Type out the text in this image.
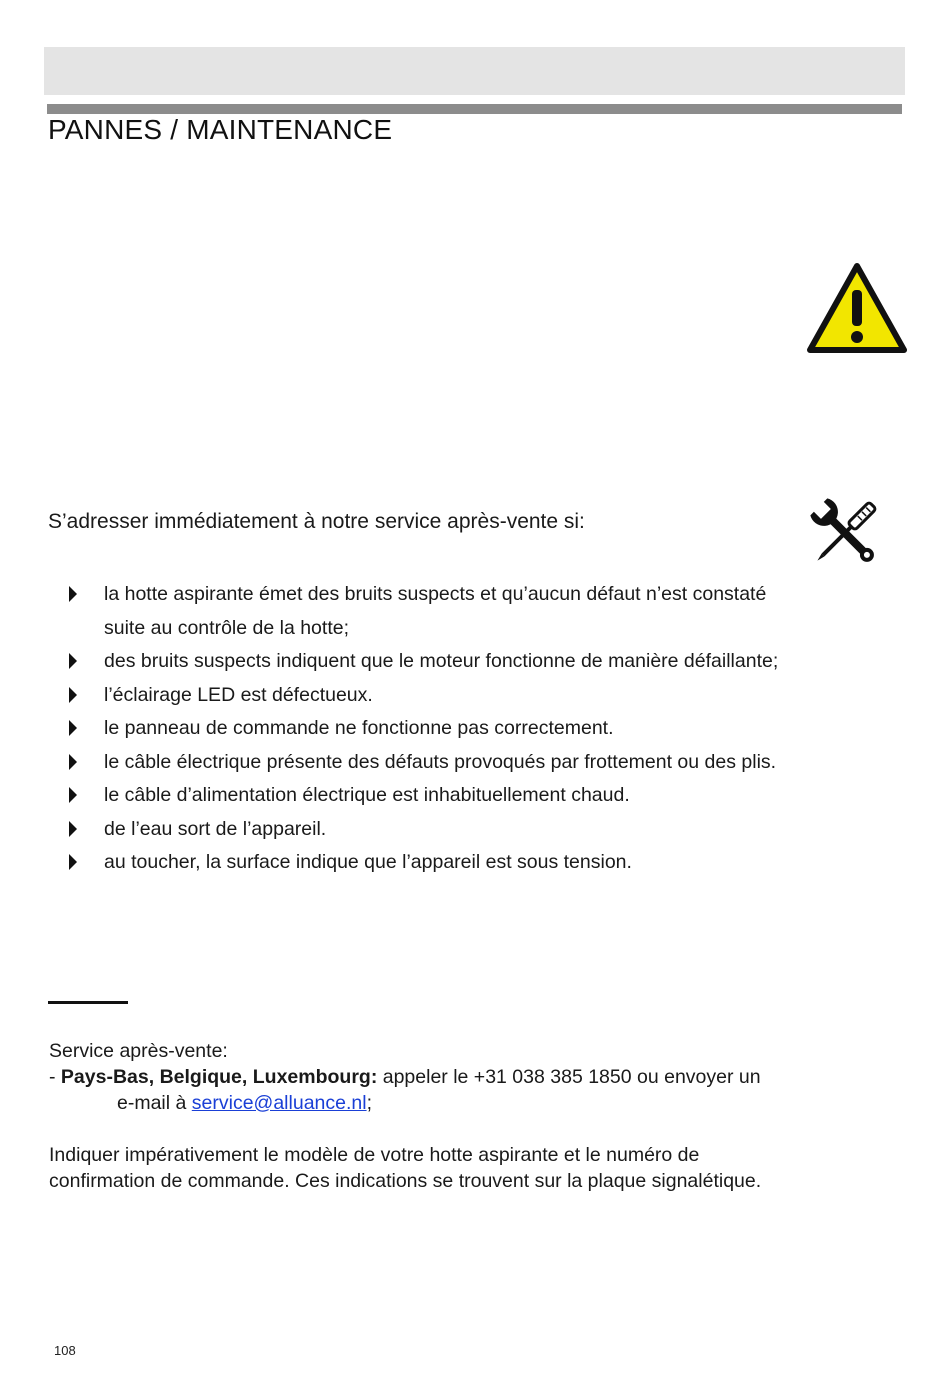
PANNES / MAINTENANCE
S’adresser immédiatement à notre service après-vente si:
la hotte aspirante émet des bruits suspects et qu’aucun défaut n’est constaté
suite au contrôle de la hotte;
des bruits suspects indiquent que le moteur fonctionne de manière défaillante;
l’éclairage LED est défectueux.
le panneau de commande ne fonctionne pas correctement.
le câble électrique présente des défauts provoqués par frottement ou des plis.
le câble d’alimentation électrique est inhabituellement chaud.
de l’eau sort de l’appareil.
au toucher, la surface indique que l’appareil est sous tension.
Service après-vente:
- Pays-Bas, Belgique, Luxembourg: appeler le +31 038 385 1850 ou envoyer un
e-mail à service@alluance.nl;
Indiquer impérativement le modèle de votre hotte aspirante et le numéro de
confirmation de commande. Ces indications se trouvent sur la plaque signalétique.
108
